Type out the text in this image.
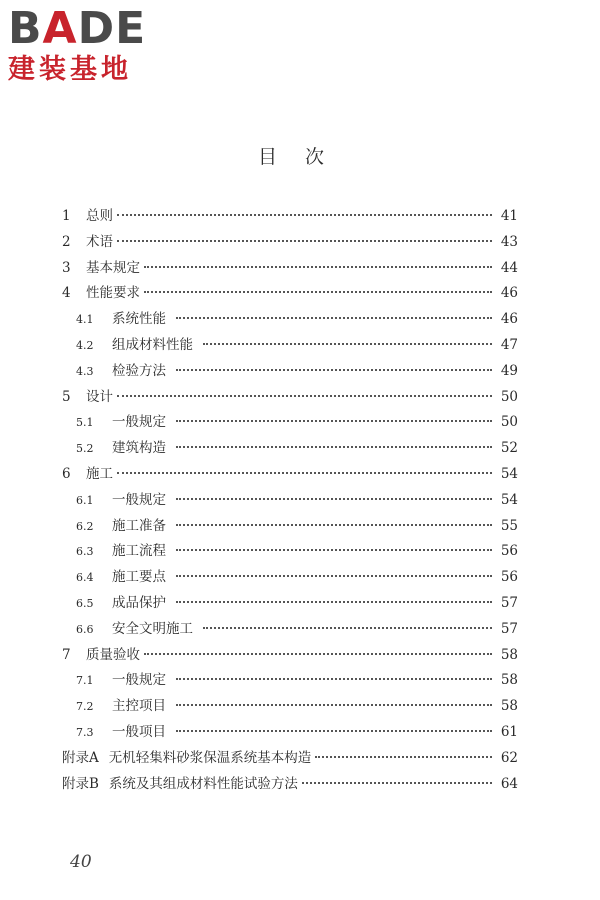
BADE
建装基地
目次
1	总则	41
2	术语	43
3	基本规定	44
4	性能要求	46
4.1	系统性能	46
4.2	组成材料性能	47
4.3	检验方法	49
5	设计	50
5.1	一般规定	50
5.2	建筑构造	52
6	施工	54
6.1	一般规定	54
6.2	施工准备	55
6.3	施工流程	56
6.4	施工要点	56
6.5	成品保护	57
6.6	安全文明施工	57
7	质量验收	58
7.1	一般规定	58
7.2	主控项目	58
7.3	一般项目	61
附录A 无机轻集料砂浆保温系统基本构造	62
附录B 系统及其组成材料性能试验方法	64
40
